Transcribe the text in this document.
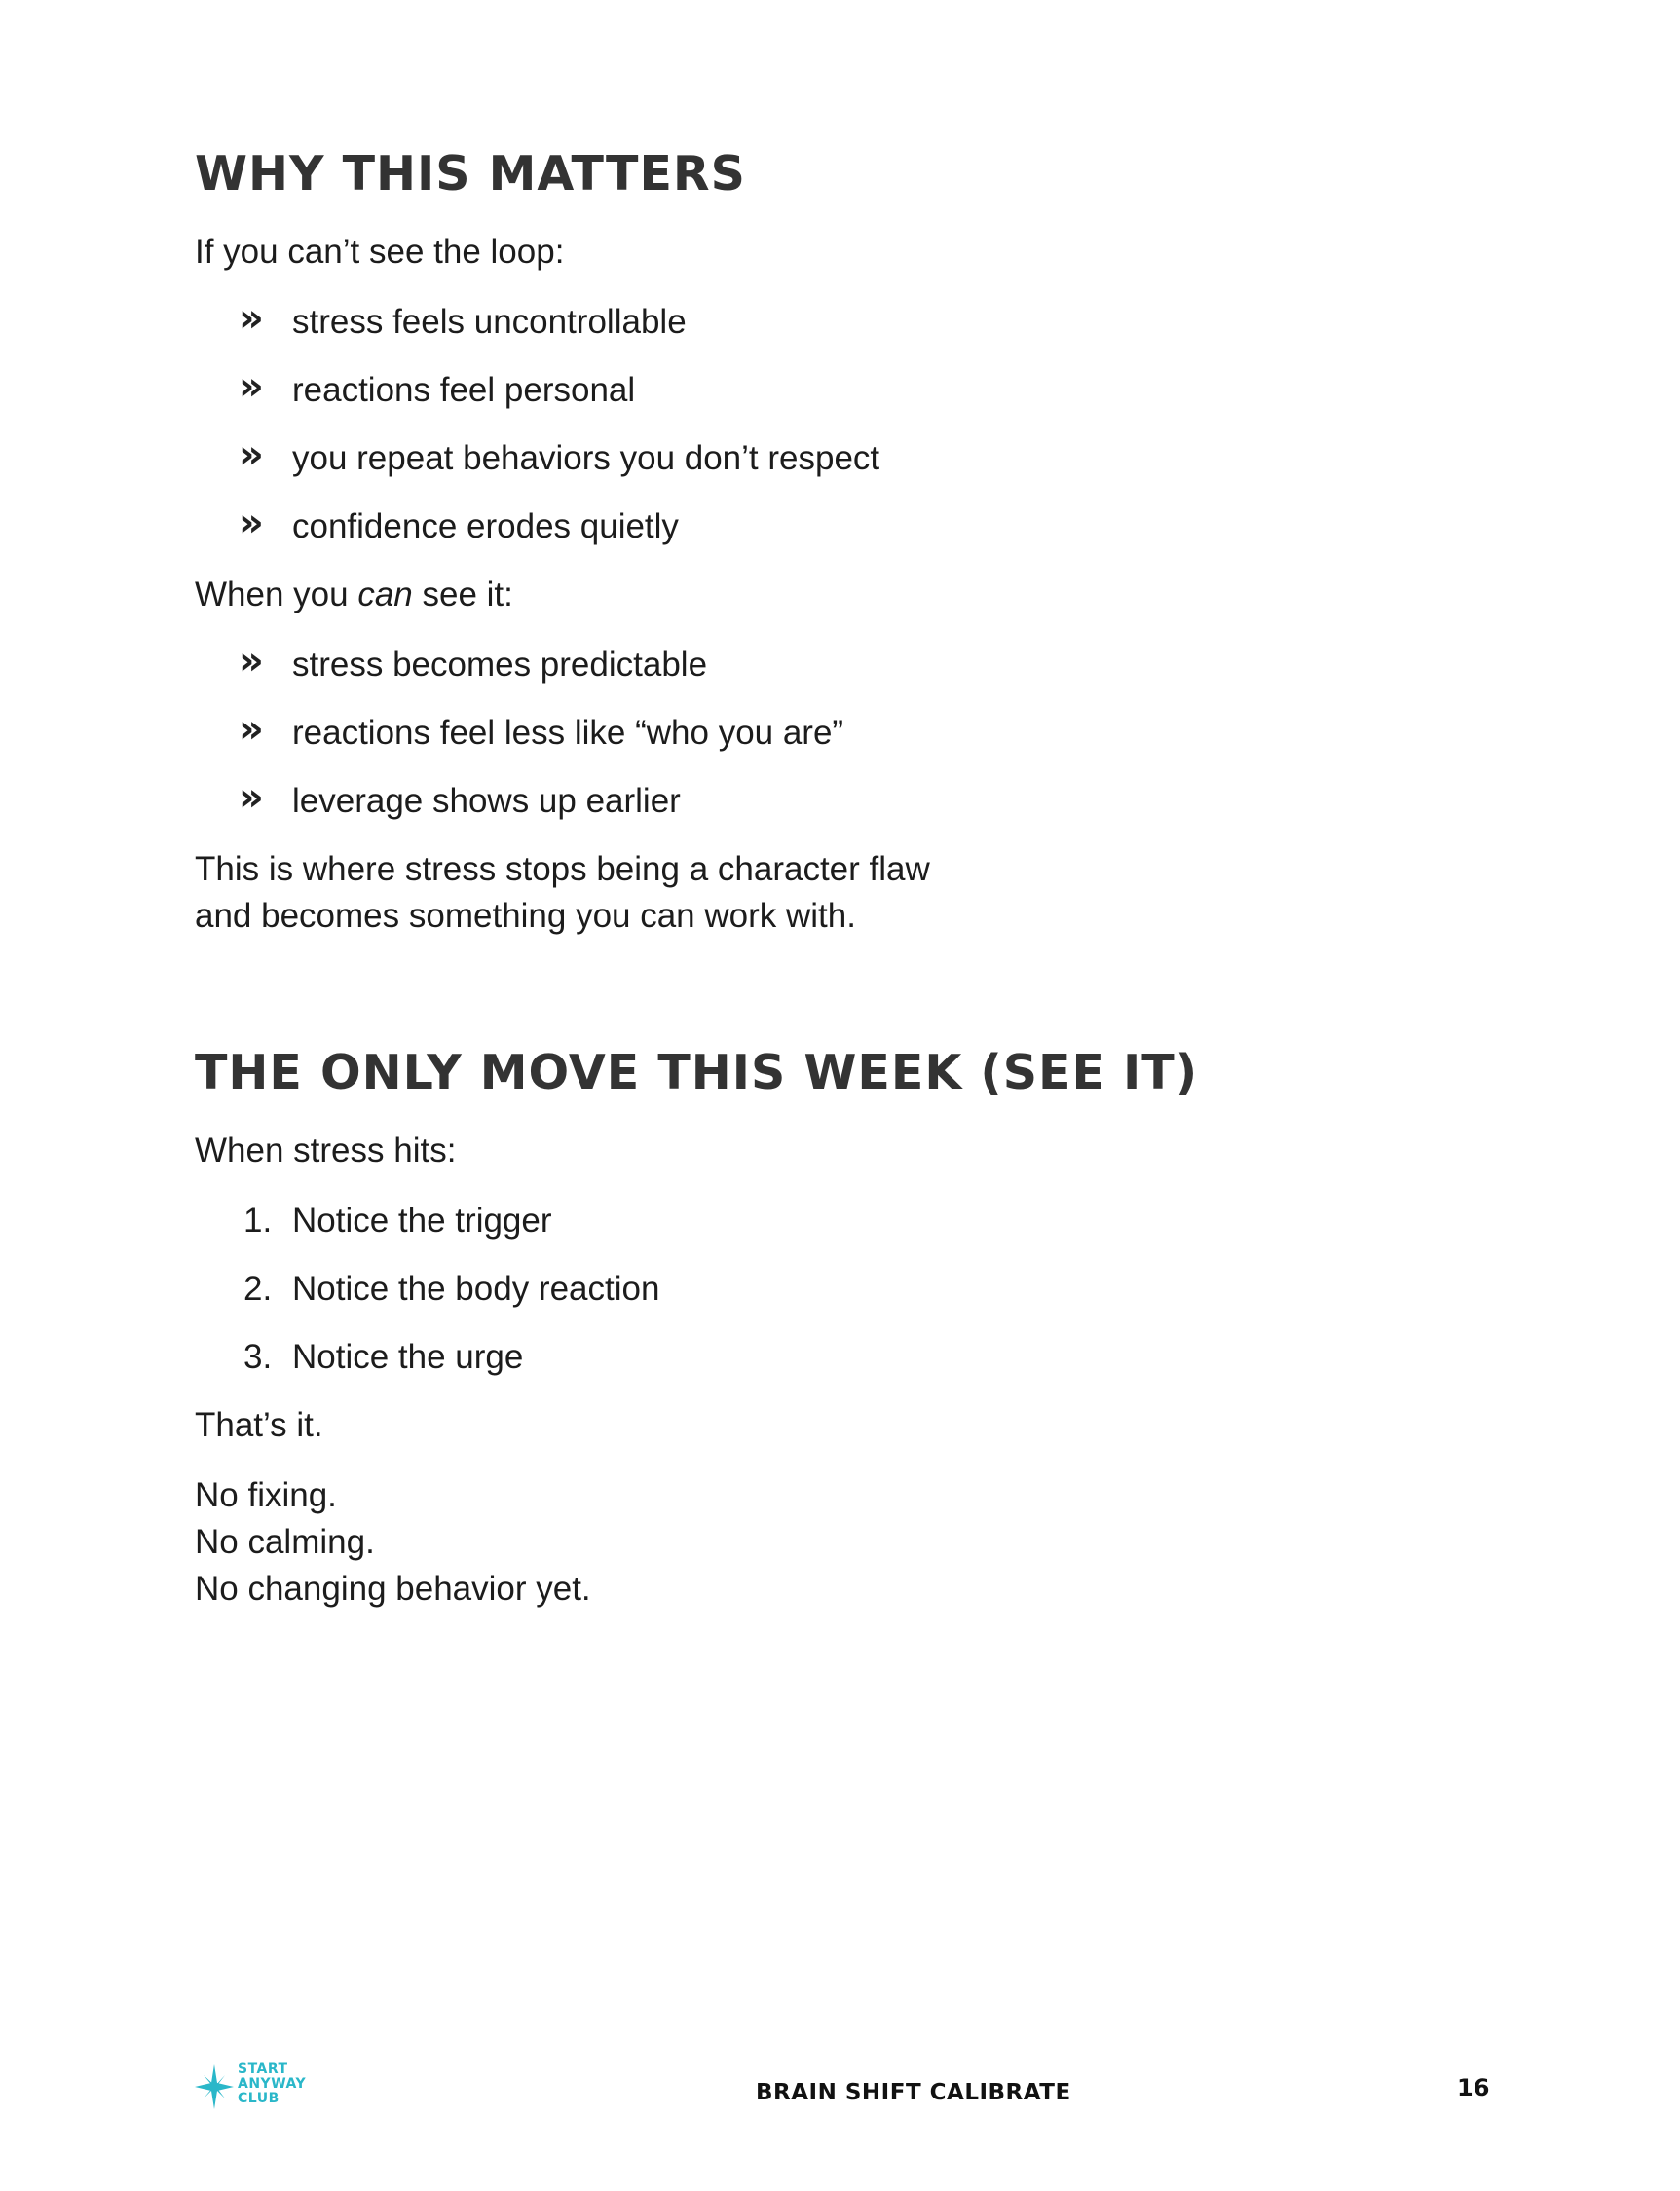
WHY THIS MATTERS

If you can’t see the loop:

» stress feels uncontrollable
» reactions feel personal
» you repeat behaviors you don’t respect
» confidence erodes quietly

When you can see it:

» stress becomes predictable
» reactions feel less like “who you are”
» leverage shows up earlier

This is where stress stops being a character flaw
and becomes something you can work with.

THE ONLY MOVE THIS WEEK (SEE IT)

When stress hits:

1. Notice the trigger
2. Notice the body reaction
3. Notice the urge

That’s it.

No fixing.
No calming.
No changing behavior yet.

START
ANYWAY
CLUB	BRAIN SHIFT CALIBRATE	16
